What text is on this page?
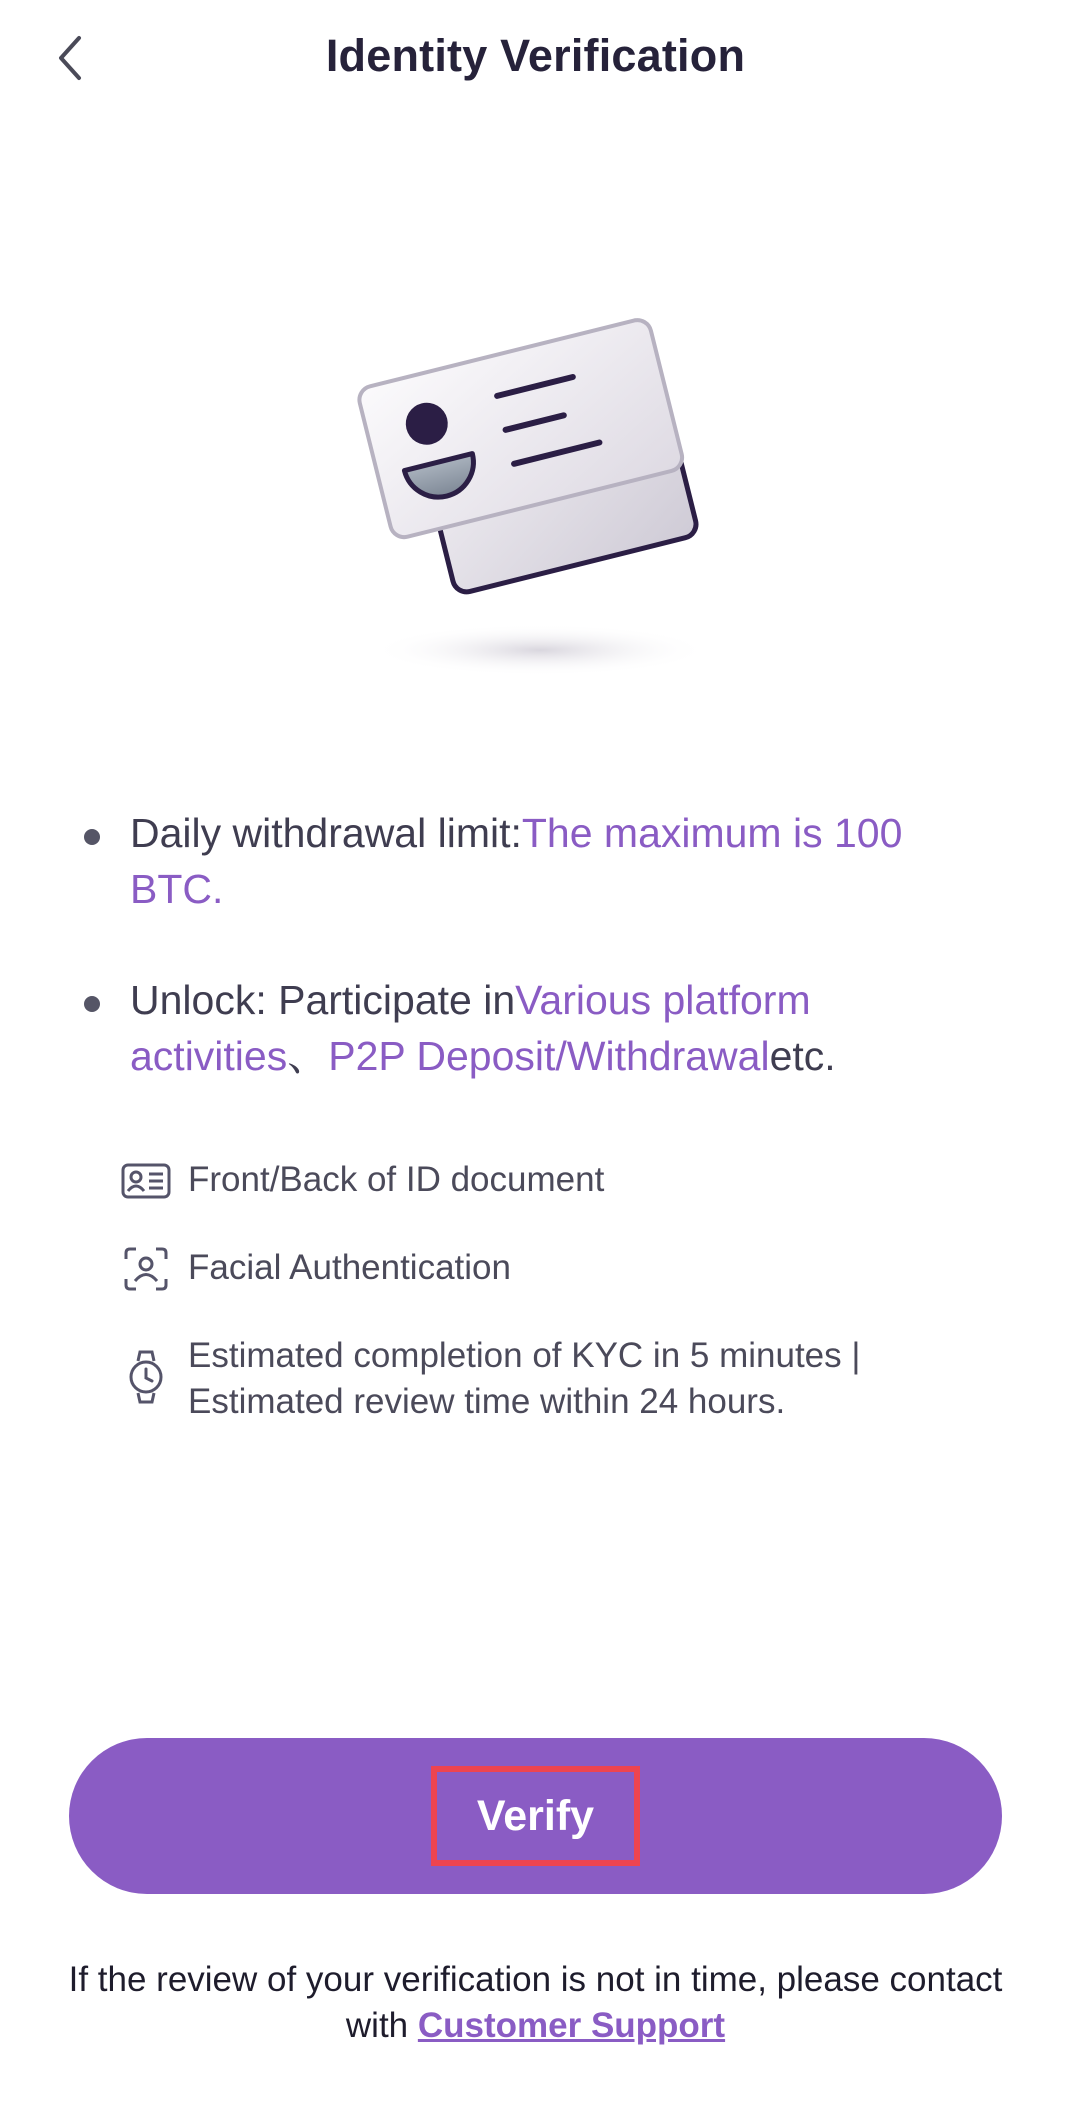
Identity Verification
Daily withdrawal limit:The maximum is 100 BTC.
Unlock: Participate inVarious platform activities、P2P Deposit/Withdrawaletc.
Front/Back of ID document
Facial Authentication
Estimated completion of KYC in 5 minutes | Estimated review time within 24 hours.
Verify
If the review of your verification is not in time, please contact with Customer Support
